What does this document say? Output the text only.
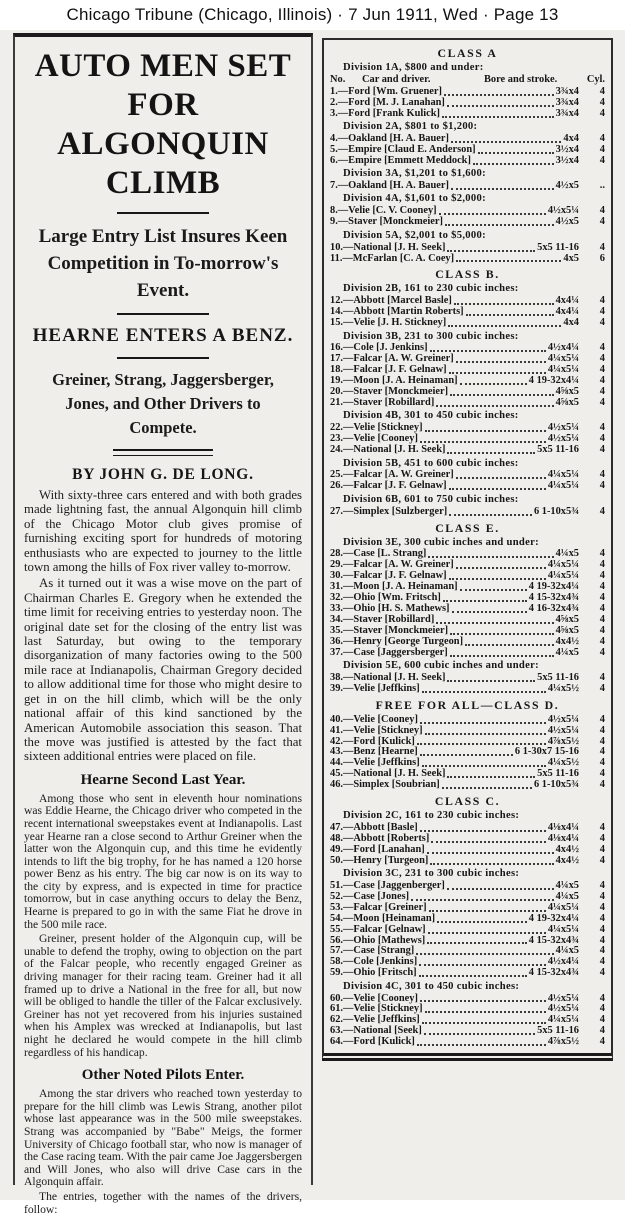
Chicago Tribune (Chicago, Illinois) · 7 Jun 1911, Wed · Page 13
AUTO MEN SET FOR
ALGONQUIN CLIMB
Large Entry List Insures Keen Competition in To-morrow's Event.
HEARNE ENTERS A BENZ.
Greiner, Strang, Jaggersberger, Jones, and Other Drivers to Compete.
BY JOHN G. DE LONG.

With sixty-three cars entered and with both grades made lightning fast, the annual Algonquin hill climb of the Chicago Motor club gives promise of furnishing exciting sport for hundreds of motoring enthusiasts who are expected to journey to the little town among the hills of Fox river valley to-morrow.

As it turned out it was a wise move on the part of Chairman Charles E. Gregory when he extended the time limit for receiving entries to yesterday noon. The original date set for the closing of the entry list was last Saturday, but owing to the temporary disorganization of many factories owing to the 500 mile race at Indianapolis, Chairman Gregory decided to allow additional time for those who might desire to get in on the hill climb, which will be the only national affair of this kind sanctioned by the American Automobile association this season. That the move was justified is attested by the fact that sixteen additional entries were placed on file.

Hearne Second Last Year.

Among those who sent in eleventh hour nominations was Eddie Hearne, the Chicago driver who competed in the recent international sweepstakes event at Indianapolis. Last year Hearne ran a close second to Arthur Greiner when the latter won the Algonquin cup, and this time he evidently intends to lift the big trophy, for he has named a 120 horse power Benz as his entry. The big car now is on its way to the city by express, and is expected in time for practice tomorrow, but in case anything occurs to delay the Benz, Hearne is prepared to go in with the same Fiat he drove in the 500 mile race.

Greiner, present holder of the Algonquin cup, will be unable to defend the trophy, owing to objection on the part of the Falcar people, who recently engaged Greiner as driving manager for their racing team. Greiner had it all framed up to drive a National in the free for all, but now will be obliged to handle the tiller of the Falcar exclusively. Greiner has not yet recovered from his injuries sustained when his Amplex was wrecked at Indianapolis, but last night he declared he would compete in the hill climb regardless of his handicap.

Other Noted Pilots Enter.

Among the star drivers who reached town yesterday to prepare for the hill climb was Lewis Strang, another pilot whose last appearance was in the 500 mile sweepstakes. Strang was accompanied by "Babe" Meigs, the former University of Chicago football star, who now is manager of the Case racing team. With the pair came Joe Jaggersbergen and Will Jones, who also will drive Case cars in the Algonquin affair.

The entries, together with the names of the drivers, follow:

CLASS A
Division 1A, $800 and under:
No.	Car and driver.	Bore and stroke.	Cyl.
1.—Ford [Wm. Gruener]	3¾x4	4
2.—Ford [M. J. Lanahan]	3¾x4	4
3.—Ford [Frank Kulick]	3¾x4	4
Division 2A, $801 to $1,200:
4.—Oakland [H. A. Bauer]	4x4	4
5.—Empire [Claud E. Anderson]	3½x4	4
6.—Empire [Emmett Meddock]	3½x4	4
Division 3A, $1,201 to $1,600:
7.—Oakland [H. A. Bauer]	4½x5	..
Division 4A, $1,601 to $2,000:
8.—Velie [C. V. Cooney]	4½x5¼	4
9.—Staver [Monckmeier]	4½x5	4
Division 5A, $2,001 to $5,000:
10.—National [J. H. Seek]	5x5 11-16	4
11.—McFarlan [C. A. Coey]	4x5	6
CLASS B.
Division 2B, 161 to 230 cubic inches:
12.—Abbott [Marcel Basle]	4x4¼	4
14.—Abbott [Martin Roberts]	4x4¼	4
15.—Velie [J. H. Stickney]	4x4	4
Division 3B, 231 to 300 cubic inches:
16.—Cole [J. Jenkins]	4½x4¼	4
17.—Falcar [A. W. Greiner]	4¼x5¼	4
18.—Falcar [J. F. Gelnaw]	4¼x5¼	4
19.—Moon [J. A. Heinaman]	4 19-32x4¼	4
20.—Staver [Monckmeier]	4⅝x5	4
21.—Staver [Robillard]	4⅝x5	4
Division 4B, 301 to 450 cubic inches:
22.—Velie [Stickney]	4½x5¼	4
23.—Velie [Cooney]	4½x5¼	4
24.—National [J. H. Seek]	5x5 11-16	4
Division 5B, 451 to 600 cubic inches:
25.—Falcar [A. W. Greiner]	4¼x5¼	4
26.—Falcar [J. F. Gelnaw]	4¼x5¼	4
Division 6B, 601 to 750 cubic inches:
27.—Simplex [Sulzberger]	6 1-10x5¾	4
CLASS E.
Division 3E, 300 cubic inches and under:
28.—Case [L. Strang]	4¼x5	4
29.—Falcar [A. W. Greiner]	4¼x5¼	4
30.—Falcar [J. F. Gelnaw]	4¼x5¼	4
31.—Moon [J. A. Heinaman]	4 19-32x4¼	4
32.—Ohio [Wm. Fritsch]	4 15-32x4¾	4
33.—Ohio [H. S. Mathews]	4 16-32x4¾	4
34.—Staver [Robillard]	4⅝x5	4
35.—Staver [Monckmeier]	4⅝x5	4
36.—Henry [George Turgeon]	4x4½	4
37.—Case [Jaggersberger]	4¼x5	4
Division 5E, 600 cubic inches and under:
38.—National [J. H. Seek]	5x5 11-16	4
39.—Velie [Jeffkins]	4¼x5½	4
FREE FOR ALL—CLASS D.
40.—Velie [Cooney]	4½x5¼	4
41.—Velie [Stickney]	4½x5¼	4
42.—Ford [Kulick]	4⅞x5½	4
43.—Benz [Hearne]	6 1-30x7 15-16	4
44.—Velie [Jeffkins]	4¼x5½	4
45.—National [J. H. Seek]	5x5 11-16	4
46.—Simplex [Soubrian]	6 1-10x5¾	4
CLASS C.
Division 2C, 161 to 230 cubic inches:
47.—Abbott [Basle]	4⅛x4¼	4
48.—Abbott [Roberts]	4⅛x4¼	4
49.—Ford [Lanahan]	4x4½	4
50.—Henry [Turgeon]	4x4½	4
Division 3C, 231 to 300 cubic inches:
51.—Case [Jaggenberger]	4¼x5	4
52.—Case [Jones]	4¼x5	4
53.—Falcar [Greiner]	4¼x5¼	4
54.—Moon [Heinaman]	4 19-32x4¼	4
55.—Falcar [Gelnaw]	4¼x5¼	4
56.—Ohio [Mathews]	4 15-32x4¾	4
57.—Case [Strang]	4¼x5	4
58.—Cole [Jenkins]	4½x4¼	4
59.—Ohio [Fritsch]	4 15-32x4¾	4
Division 4C, 301 to 450 cubic inches:
60.—Velie [Cooney]	4½x5¼	4
61.—Velie [Stickney]	4½x5¼	4
62.—Velie [Jeffkins]	4¼x5¼	4
63.—National [Seek]	5x5 11-16	4
64.—Ford [Kulick]	4⅞x5½	4
